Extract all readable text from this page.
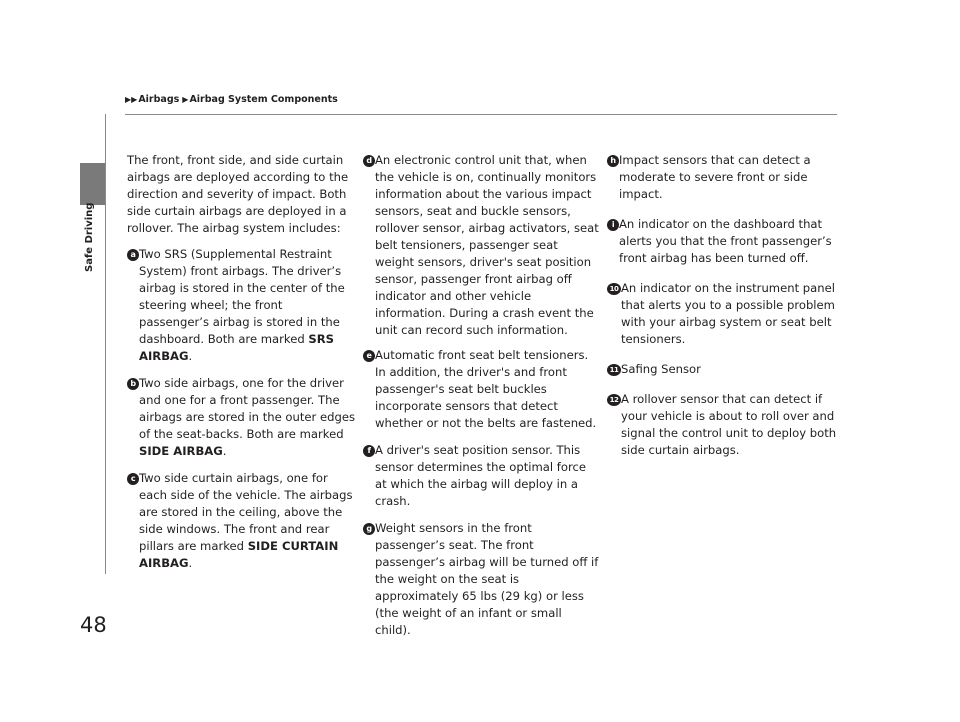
▶▶ Airbags ▶ Airbag System Components
Safe Driving
48

The front, front side, and side curtain airbags are deployed according to the direction and severity of impact. Both side curtain airbags are deployed in a rollover. The airbag system includes:

a Two SRS (Supplemental Restraint System) front airbags. The driver’s airbag is stored in the center of the steering wheel; the front passenger’s airbag is stored in the dashboard. Both are marked SRS AIRBAG.
b Two side airbags, one for the driver and one for a front passenger. The airbags are stored in the outer edges of the seat-backs. Both are marked SIDE AIRBAG.
c Two side curtain airbags, one for each side of the vehicle. The airbags are stored in the ceiling, above the side windows. The front and rear pillars are marked SIDE CURTAIN AIRBAG.
d An electronic control unit that, when the vehicle is on, continually monitors information about the various impact sensors, seat and buckle sensors, rollover sensor, airbag activators, seat belt tensioners, passenger seat weight sensors, driver's seat position sensor, passenger front airbag off indicator and other vehicle information. During a crash event the unit can record such information.
e Automatic front seat belt tensioners. In addition, the driver's and front passenger's seat belt buckles incorporate sensors that detect whether or not the belts are fastened.
f A driver's seat position sensor. This sensor determines the optimal force at which the airbag will deploy in a crash.
g Weight sensors in the front passenger’s seat. The front passenger’s airbag will be turned off if the weight on the seat is approximately 65 lbs (29 kg) or less (the weight of an infant or small child).
h Impact sensors that can detect a moderate to severe front or side impact.
i An indicator on the dashboard that alerts you that the front passenger’s front airbag has been turned off.
10 An indicator on the instrument panel that alerts you to a possible problem with your airbag system or seat belt tensioners.
11 Safing Sensor
12 A rollover sensor that can detect if your vehicle is about to roll over and signal the control unit to deploy both side curtain airbags.
